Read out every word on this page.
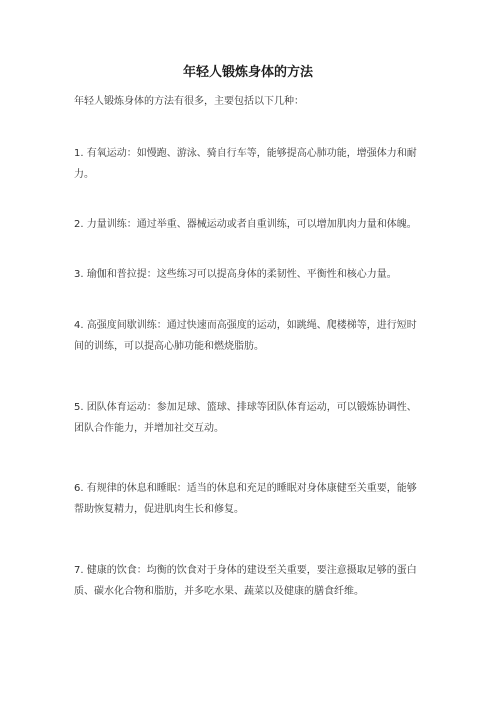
年轻人锻炼身体的方法

年轻人锻炼身体的方法有很多，主要包括以下几种：

1. 有氧运动：如慢跑、游泳、骑自行车等，能够提高心肺功能，增强体力和耐力。

2. 力量训练：通过举重、器械运动或者自重训练，可以增加肌肉力量和体魄。

3. 瑜伽和普拉提：这些练习可以提高身体的柔韧性、平衡性和核心力量。

4. 高强度间歇训练：通过快速而高强度的运动，如跳绳、爬楼梯等，进行短时间的训练，可以提高心肺功能和燃烧脂肪。

5. 团队体育运动：参加足球、篮球、排球等团队体育运动，可以锻炼协调性、团队合作能力，并增加社交互动。

6. 有规律的休息和睡眠：适当的休息和充足的睡眠对身体康健至关重要，能够帮助恢复精力，促进肌肉生长和修复。

7. 健康的饮食：均衡的饮食对于身体的建设至关重要，要注意摄取足够的蛋白质、碳水化合物和脂肪，并多吃水果、蔬菜以及健康的膳食纤维。
